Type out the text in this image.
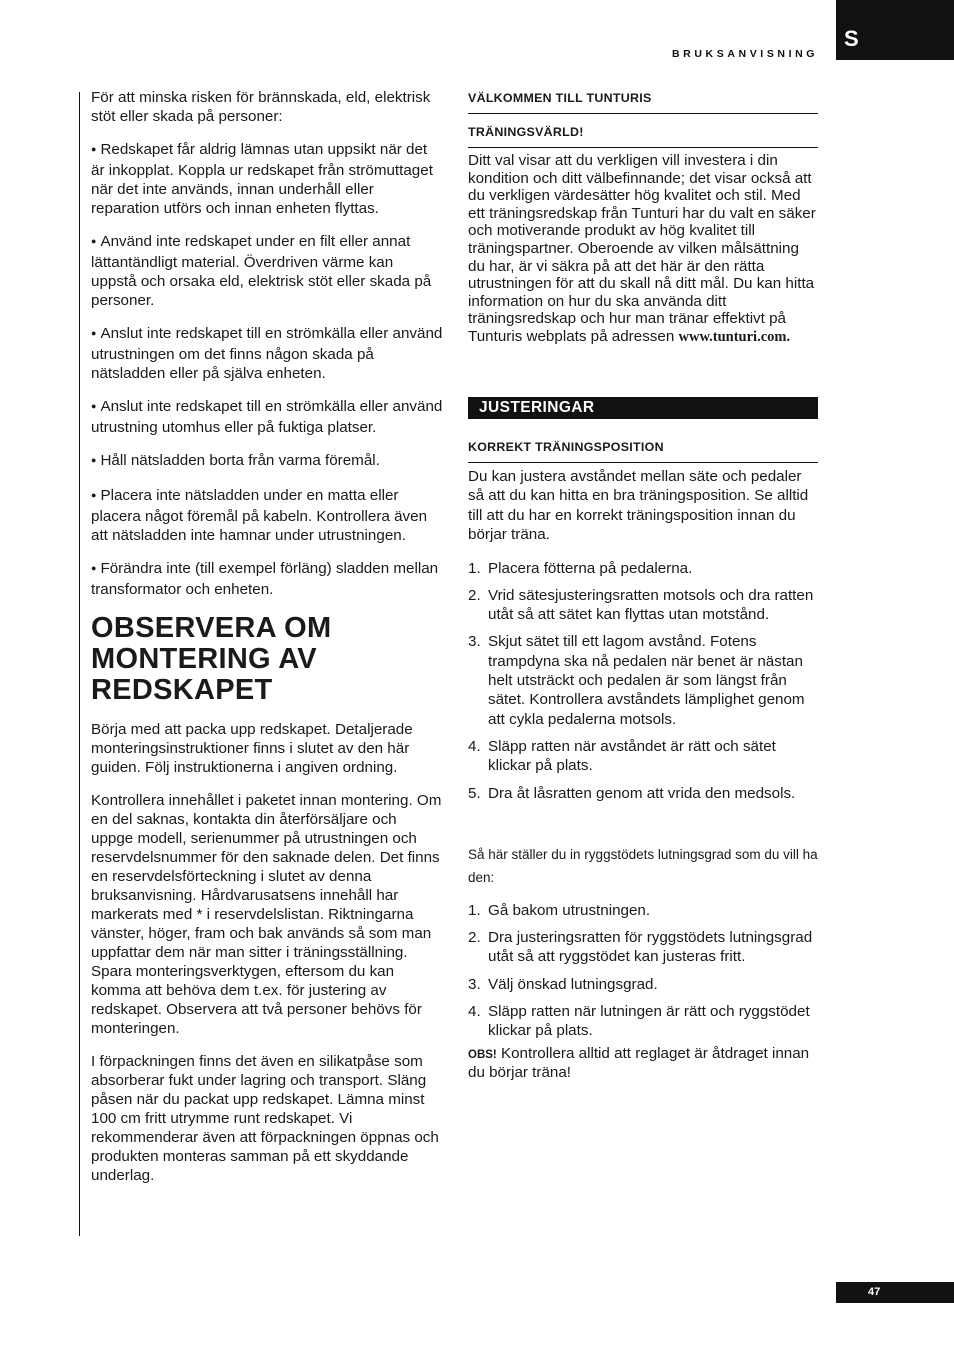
S
BRUKSANVISNING

För att minska risken för brännskada, eld, elektrisk stöt eller skada på personer:

● Redskapet får aldrig lämnas utan uppsikt när det är inkopplat. Koppla ur redskapet från strömuttaget när det inte används, innan underhåll eller reparation utförs och innan enheten flyttas.

● Använd inte redskapet under en filt eller annat lättantändligt material. Överdriven värme kan uppstå och orsaka eld, elektrisk stöt eller skada på personer.

● Anslut inte redskapet till en strömkälla eller använd utrustningen om det finns någon skada på nätsladden eller på själva enheten.

● Anslut inte redskapet till en strömkälla eller använd utrustning utomhus eller på fuktiga platser.

● Håll nätsladden borta från varma föremål.

● Placera inte nätsladden under en matta eller placera något föremål på kabeln. Kontrollera även att nätsladden inte hamnar under utrustningen.

● Förändra inte (till exempel förläng) sladden mellan transformator och enheten.

OBSERVERA OM
MONTERING AV
REDSKAPET

Börja med att packa upp redskapet. Detaljerade monteringsinstruktioner finns i slutet av den här guiden. Följ instruktionerna i angiven ordning.

Kontrollera innehållet i paketet innan montering. Om en del saknas, kontakta din återförsäljare och uppge modell, serienummer på utrustningen och reservdelsnummer för den saknade delen. Det finns en reservdelsförteckning i slutet av denna bruksanvisning. Hårdvarusatsens innehåll har markerats med * i reservdelslistan. Riktningarna vänster, höger, fram och bak används så som man uppfattar dem när man sitter i träningsställning. Spara monteringsverktygen, eftersom du kan komma att behöva dem t.ex. för justering av redskapet. Observera att två personer behövs för monteringen.

I förpackningen finns det även en silikatpåse som absorberar fukt under lagring och transport. Släng påsen när du packat upp redskapet. Lämna minst 100 cm fritt utrymme runt redskapet. Vi rekommenderar även att förpackningen öppnas och produkten monteras samman på ett skyddande underlag.

VÄLKOMMEN TILL TUNTURIS
TRÄNINGSVÄRLD!

Ditt val visar att du verkligen vill investera i din kondition och ditt välbefinnande; det visar också att du verkligen värdesätter hög kvalitet och stil. Med ett träningsredskap från Tunturi har du valt en säker och motiverande produkt av hög kvalitet till träningspartner. Oberoende av vilken målsättning du har, är vi säkra på att det här är den rätta utrustningen för att du skall nå ditt mål. Du kan hitta information on hur du ska använda ditt träningsredskap och hur man tränar effektivt på Tunturis webplats på adressen www.tunturi.com.

JUSTERINGAR
KORREKT TRÄNINGSPOSITION

Du kan justera avståndet mellan säte och pedaler så att du kan hitta en bra träningsposition. Se alltid till att du har en korrekt träningsposition innan du börjar träna.

1. Placera fötterna på pedalerna.
2. Vrid sätesjusteringsratten motsols och dra ratten utåt så att sätet kan flyttas utan motstånd.
3. Skjut sätet till ett lagom avstånd. Fotens trampdyna ska nå pedalen när benet är nästan helt utsträckt och pedalen är som längst från sätet. Kontrollera avståndets lämplighet genom att cykla pedalerna motsols.
4. Släpp ratten när avståndet är rätt och sätet klickar på plats.
5. Dra åt låsratten genom att vrida den medsols.

Så här ställer du in ryggstödets lutningsgrad som du vill ha den:

1. Gå bakom utrustningen.
2. Dra justeringsratten för ryggstödets lutningsgrad utåt så att ryggstödet kan justeras fritt.
3. Välj önskad lutningsgrad.
4. Släpp ratten när lutningen är rätt och ryggstödet klickar på plats.

OBS! Kontrollera alltid att reglaget är åtdraget innan du börjar träna!

47
